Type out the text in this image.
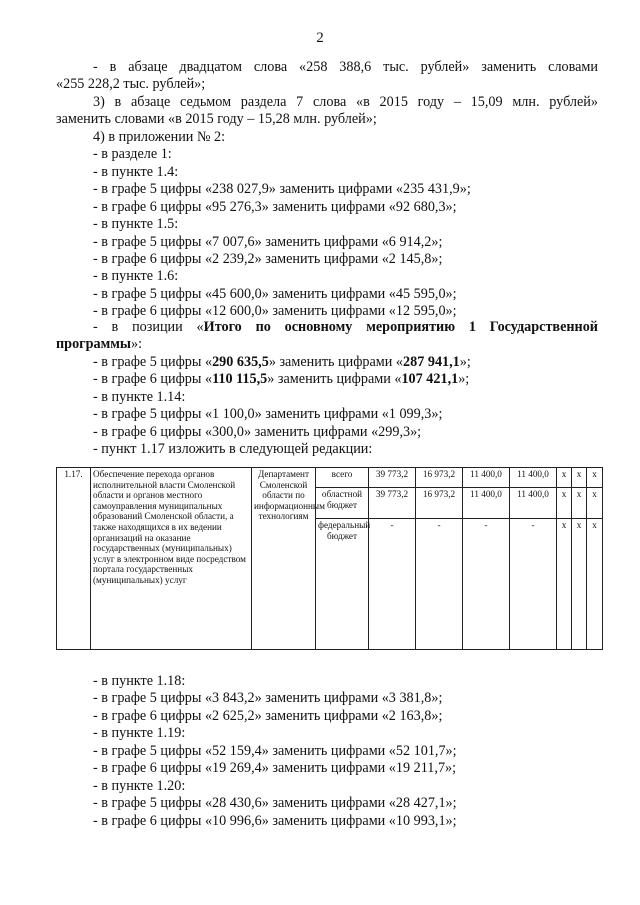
2
- в абзаце двадцатом слова «258 388,6 тыс. рублей» заменить словами
«255 228,2 тыс. рублей»;
3) в абзаце седьмом раздела 7 слова «в 2015 году – 15,09 млн. рублей»
заменить словами «в 2015 году – 15,28 млн. рублей»;
4) в приложении № 2:
- в разделе 1:
- в пункте 1.4:
- в графе 5 цифры «238 027,9» заменить цифрами «235 431,9»;
- в графе 6 цифры «95 276,3» заменить цифрами «92 680,3»;
- в пункте 1.5:
- в графе 5 цифры «7 007,6» заменить цифрами «6 914,2»;
- в графе 6 цифры «2 239,2» заменить цифрами «2 145,8»;
- в пункте 1.6:
- в графе 5 цифры «45 600,0» заменить цифрами «45 595,0»;
- в графе 6 цифры «12 600,0» заменить цифрами «12 595,0»;
- в позиции «Итого по основному мероприятию 1 Государственной
программы»:
- в графе 5 цифры «290 635,5» заменить цифрами «287 941,1»;
- в графе 6 цифры «110 115,5» заменить цифрами «107 421,1»;
- в пункте 1.14:
- в графе 5 цифры «1 100,0» заменить цифрами «1 099,3»;
- в графе 6 цифры «300,0» заменить цифрами «299,3»;
- пункт 1.17 изложить в следующей редакции:
1.17.	Обеспечение перехода органов исполнительной власти Смоленской области и органов местного самоуправления муниципальных образований Смоленской области, а также находящихся в их ведении организаций на оказание государственных (муниципальных) услуг в электронном виде посредством портала государственных (муниципальных) услуг	Департамент Смоленской области по информационным технологиям	всего	39 773,2	16 973,2	11 400,0	11 400,0	х	х	х
			областной бюджет	39 773,2	16 973,2	11 400,0	11 400,0	х	х	х
			федеральный бюджет	-	-	-	-	х	х	х
- в пункте 1.18:
- в графе 5 цифры «3 843,2» заменить цифрами «3 381,8»;
- в графе 6 цифры «2 625,2» заменить цифрами «2 163,8»;
- в пункте 1.19:
- в графе 5 цифры «52 159,4» заменить цифрами «52 101,7»;
- в графе 6 цифры «19 269,4» заменить цифрами «19 211,7»;
- в пункте 1.20:
- в графе 5 цифры «28 430,6» заменить цифрами «28 427,1»;
- в графе 6 цифры «10 996,6» заменить цифрами «10 993,1»;
